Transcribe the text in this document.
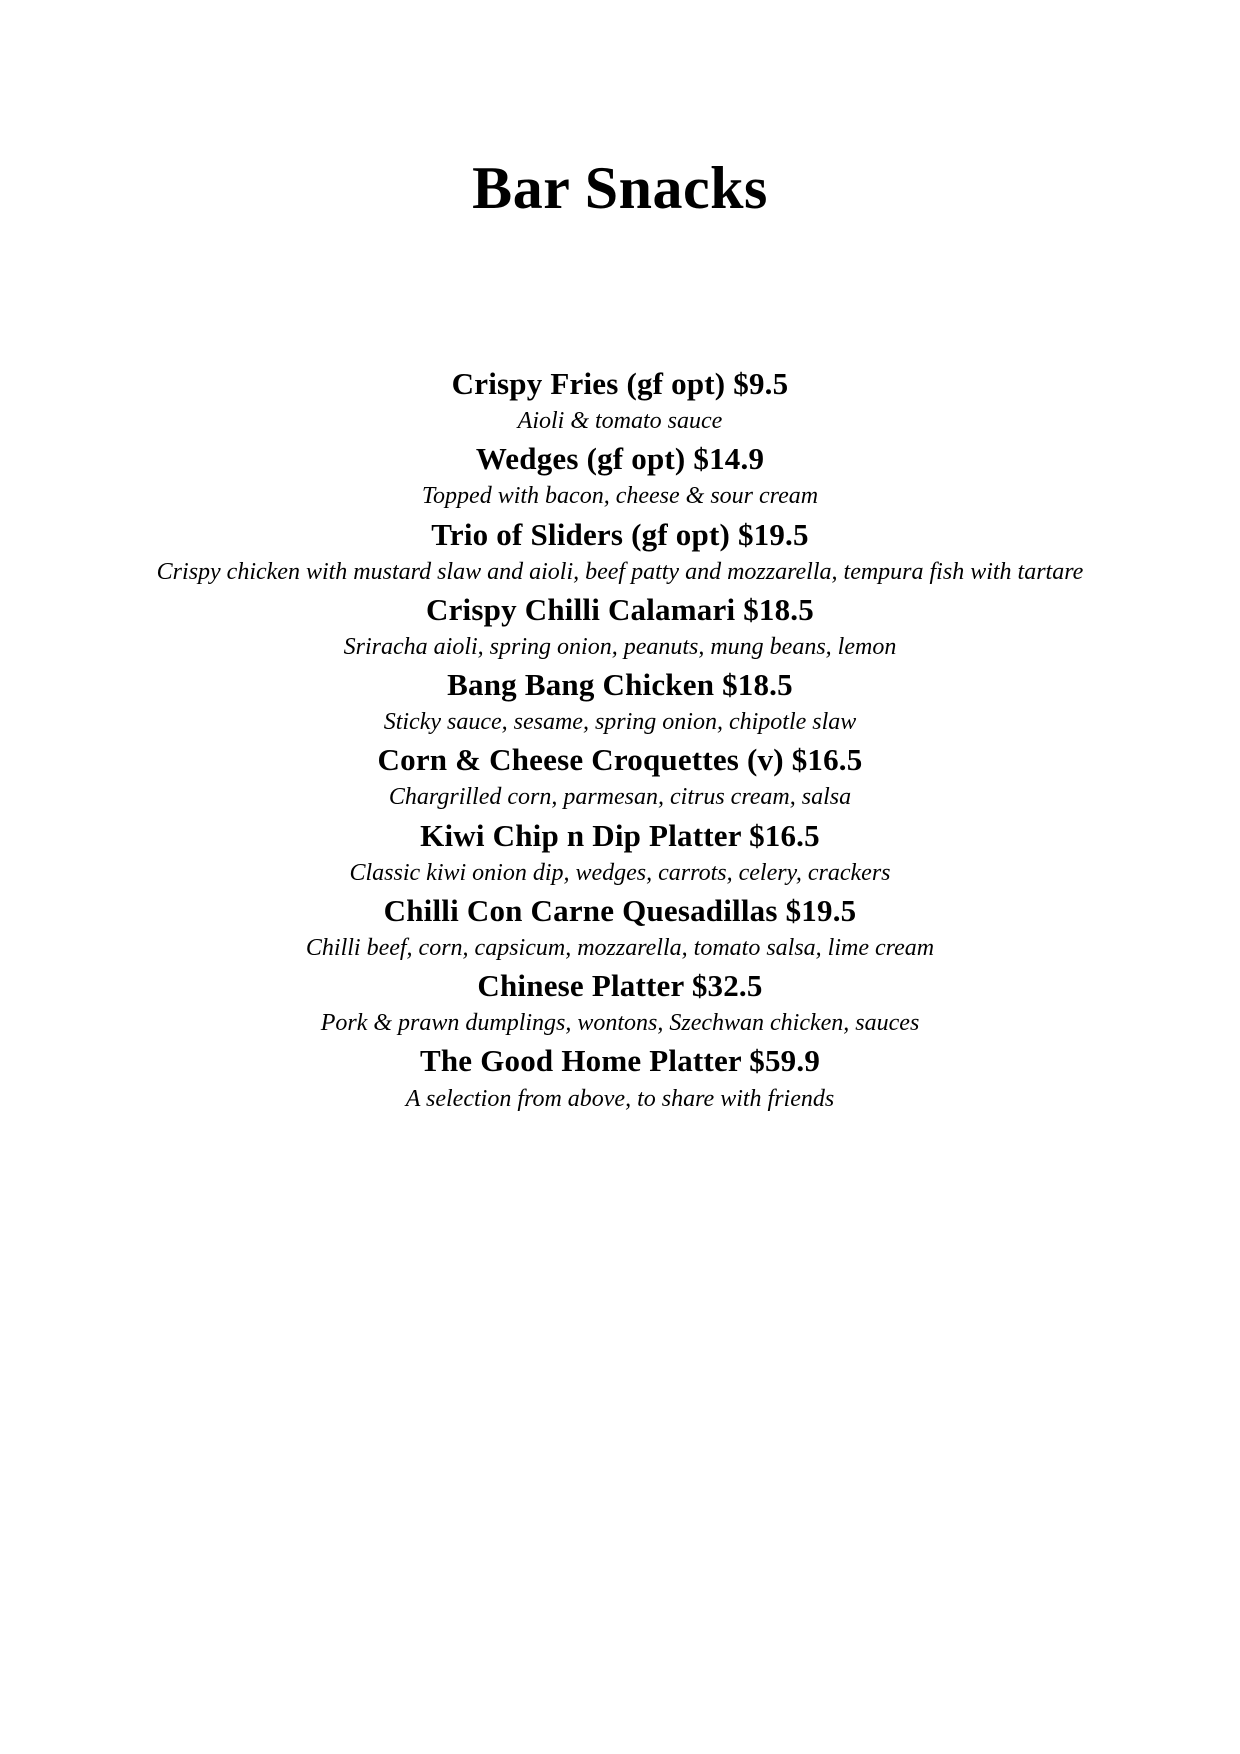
Bar Snacks
Crispy Fries (gf opt) $9.5
Aioli & tomato sauce
Wedges (gf opt) $14.9
Topped with bacon, cheese & sour cream
Trio of Sliders (gf opt) $19.5
Crispy chicken with mustard slaw and aioli, beef patty and mozzarella, tempura fish with tartare
Crispy Chilli Calamari $18.5
Sriracha aioli, spring onion, peanuts, mung beans, lemon
Bang Bang Chicken $18.5
Sticky sauce, sesame, spring onion, chipotle slaw
Corn & Cheese Croquettes (v) $16.5
Chargrilled corn, parmesan, citrus cream, salsa
Kiwi Chip n Dip Platter $16.5
Classic kiwi onion dip, wedges, carrots, celery, crackers
Chilli Con Carne Quesadillas $19.5
Chilli beef, corn, capsicum, mozzarella, tomato salsa, lime cream
Chinese Platter $32.5
Pork & prawn dumplings, wontons, Szechwan chicken, sauces
The Good Home Platter $59.9
A selection from above, to share with friends
